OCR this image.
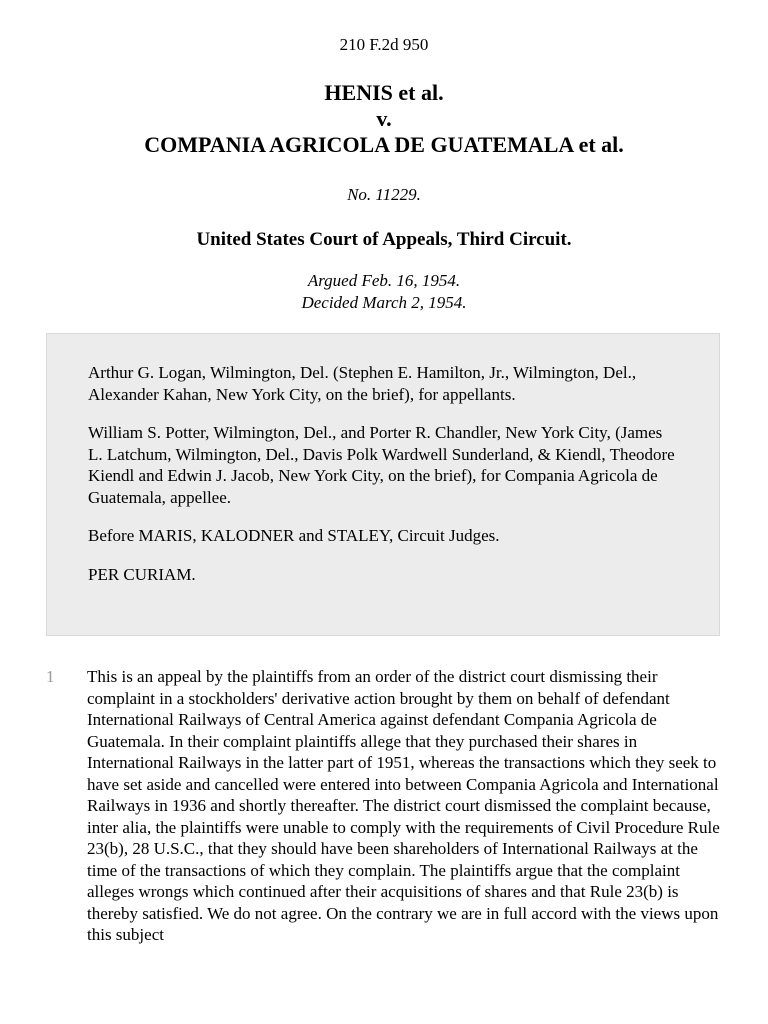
210 F.2d 950
HENIS et al.
v.
COMPANIA AGRICOLA DE GUATEMALA et al.
No. 11229.
United States Court of Appeals, Third Circuit.
Argued Feb. 16, 1954.
Decided March 2, 1954.

Arthur G. Logan, Wilmington, Del. (Stephen E. Hamilton, Jr., Wilmington, Del., Alexander Kahan, New York City, on the brief), for appellants.

William S. Potter, Wilmington, Del., and Porter R. Chandler, New York City, (James L. Latchum, Wilmington, Del., Davis Polk Wardwell Sunderland, & Kiendl, Theodore Kiendl and Edwin J. Jacob, New York City, on the brief), for Compania Agricola de Guatemala, appellee.

Before MARIS, KALODNER and STALEY, Circuit Judges.

PER CURIAM.

1 This is an appeal by the plaintiffs from an order of the district court dismissing their complaint in a stockholders' derivative action brought by them on behalf of defendant International Railways of Central America against defendant Compania Agricola de Guatemala. In their complaint plaintiffs allege that they purchased their shares in International Railways in the latter part of 1951, whereas the transactions which they seek to have set aside and cancelled were entered into between Compania Agricola and International Railways in 1936 and shortly thereafter. The district court dismissed the complaint because, inter alia, the plaintiffs were unable to comply with the requirements of Civil Procedure Rule 23(b), 28 U.S.C., that they should have been shareholders of International Railways at the time of the transactions of which they complain. The plaintiffs argue that the complaint alleges wrongs which continued after their acquisitions of shares and that Rule 23(b) is thereby satisfied. We do not agree. On the contrary we are in full accord with the views upon this subject
